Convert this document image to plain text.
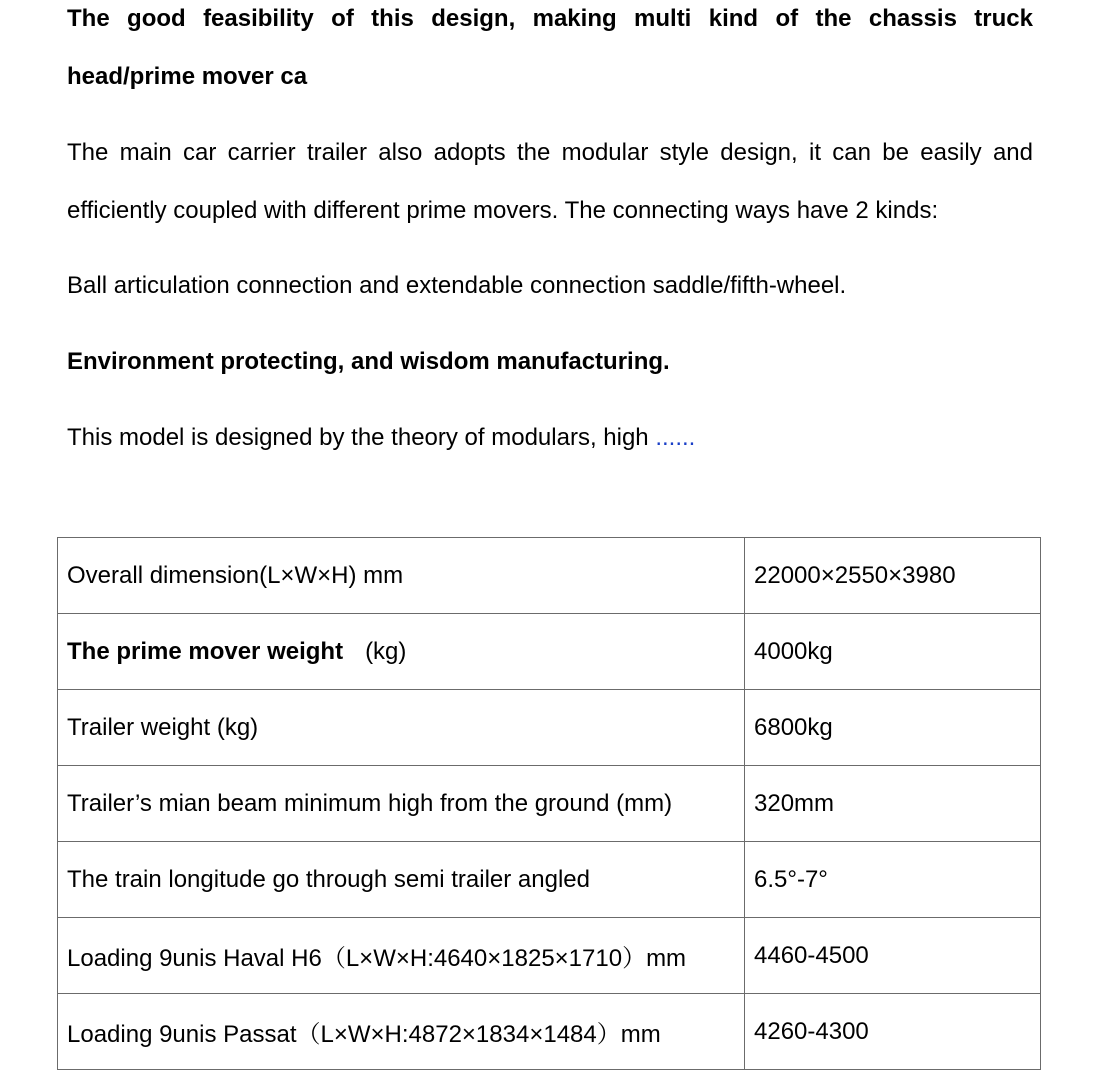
The good feasibility of this design, making multi kind of the chassis truck head/prime mover ca

The main car carrier trailer also adopts the modular style design, it can be easily and efficiently coupled with different prime movers. The connecting ways have 2 kinds:

Ball articulation connection and extendable connection saddle/fifth-wheel.

Environment protecting, and wisdom manufacturing.

This model is designed by the theory of modulars, high ......

Overall dimension(L×W×H) mm	22000×2550×3980
The prime mover weight (kg)	4000kg
Trailer weight (kg)	6800kg
Trailer’s mian beam minimum high from the ground (mm)	320mm
The train longitude go through semi trailer angled	6.5°-7°
Loading 9unis Haval H6（L×W×H:4640×1825×1710）mm	4460-4500
Loading 9unis Passat（L×W×H:4872×1834×1484）mm	4260-4300
